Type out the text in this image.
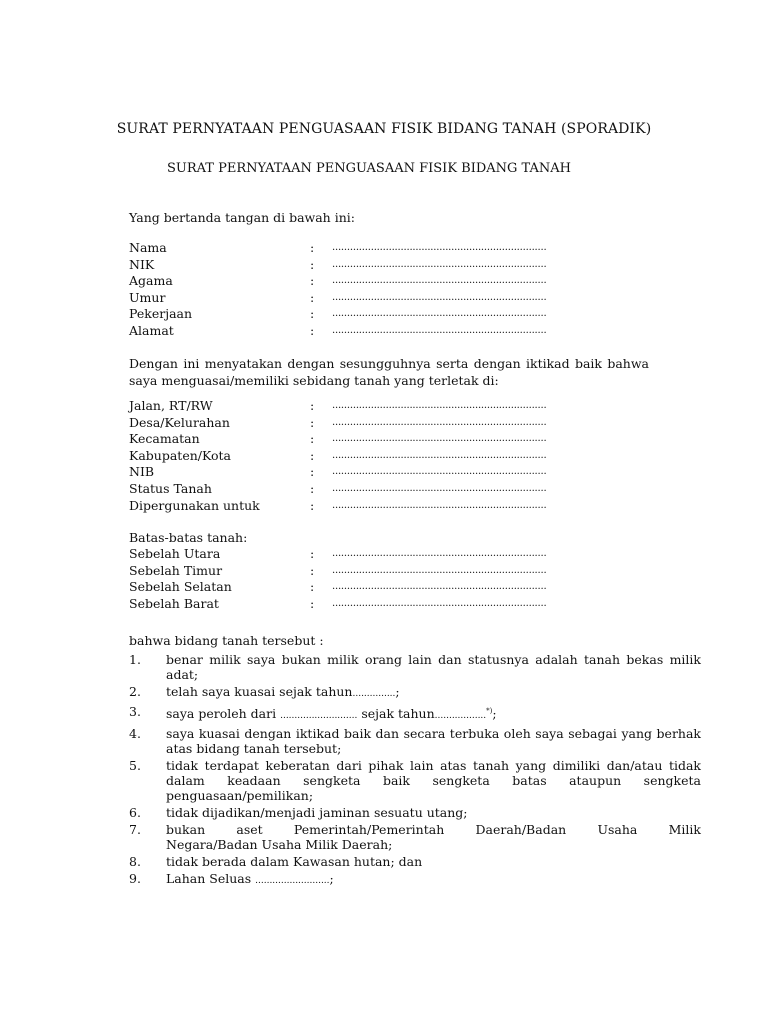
SURAT PERNYATAAN PENGUASAAN FISIK BIDANG TANAH (SPORADIK)
SURAT PERNYATAAN PENGUASAAN FISIK BIDANG TANAH
Yang bertanda tangan di bawah ini:
Nama	: ........................................................................
NIK	: ........................................................................
Agama	: ........................................................................
Umur	: ........................................................................
Pekerjaan	: ........................................................................
Alamat	: ........................................................................
Dengan ini menyatakan dengan sesungguhnya serta dengan iktikad baik bahwa
saya menguasai/memiliki sebidang tanah yang terletak di:
Jalan, RT/RW	: ........................................................................
Desa/Kelurahan	: ........................................................................
Kecamatan	: ........................................................................
Kabupaten/Kota	: ........................................................................
NIB	: ........................................................................
Status Tanah	: ........................................................................
Dipergunakan untuk	: ........................................................................
Batas-batas tanah:
Sebelah Utara	: ........................................................................
Sebelah Timur	: ........................................................................
Sebelah Selatan	: ........................................................................
Sebelah Barat	: ........................................................................
bahwa bidang tanah tersebut :
1. benar milik saya bukan milik orang lain dan statusnya adalah tanah bekas milik
adat;
2. telah saya kuasai sejak tahun...............;
3. saya peroleh dari ........................... sejak tahun..................*);
4. saya kuasai dengan iktikad baik dan secara terbuka oleh saya sebagai yang berhak
atas bidang tanah tersebut;
5. tidak terdapat keberatan dari pihak lain atas tanah yang dimiliki dan/atau tidak
dalam keadaan sengketa baik sengketa batas ataupun sengketa
penguasaan/pemilikan;
6. tidak dijadikan/menjadi jaminan sesuatu utang;
7. bukan aset Pemerintah/Pemerintah Daerah/Badan Usaha Milik
Negara/Badan Usaha Milik Daerah;
8. tidak berada dalam Kawasan hutan; dan
9. Lahan Seluas ..........................;
